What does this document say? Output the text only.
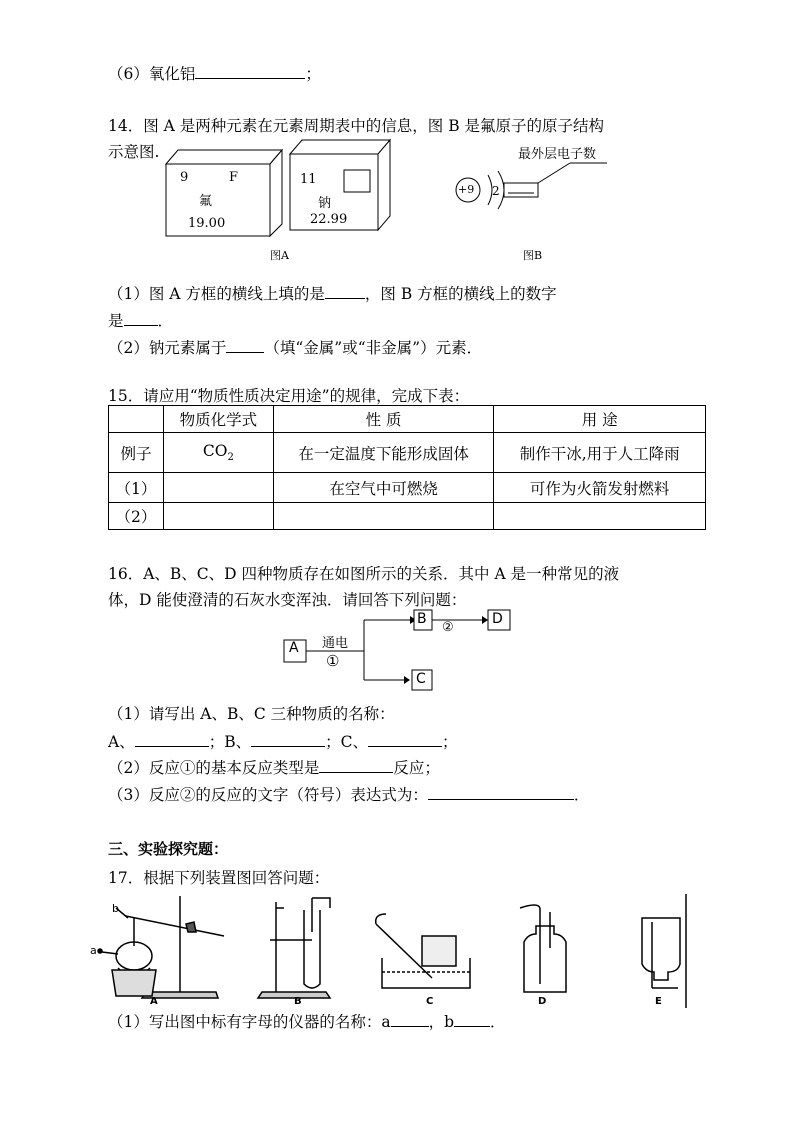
（6）氧化铝	；
14．图 A 是两种元素在元素周期表中的信息，图 B 是氟原子的原子结构
示意图.
9	F
氟
19.00
11
钠
22.99
图A
+9 2
最外层电子数
图B
（1）图 A 方框的横线上填的是	，图 B 方框的横线上的数字
是 ．
（2）钠元素属于 （填“金属”或“非金属”）元素．
15．请应用“物质性质决定用途”的规律，完成下表：
	物质化学式	性 质	用 途
例子	$CO_2$	在一定温度下能形成固体	制作干冰,用于人工降雨
（1）		在空气中可燃烧	可作为火箭发射燃料
（2）			
16．A、B、C、D 四种物质存在如图所示的关系．其中 A 是一种常见的液
体，D 能使澄清的石灰水变浑浊．请回答下列问题：
A
B	D
C
通电
①
②
（1）请写出 A、B、C 三种物质的名称：
A、	；B、	；C、	；
（2）反应①的基本反应类型是	反应；
（3）反应②的反应的文字（符号）表达式为：	．
三、实验探究题：
17．根据下列装置图回答问题：
b
a
A	B	C	D	E
（1）写出图中标有字母的仪器的名称：a ，b ．
